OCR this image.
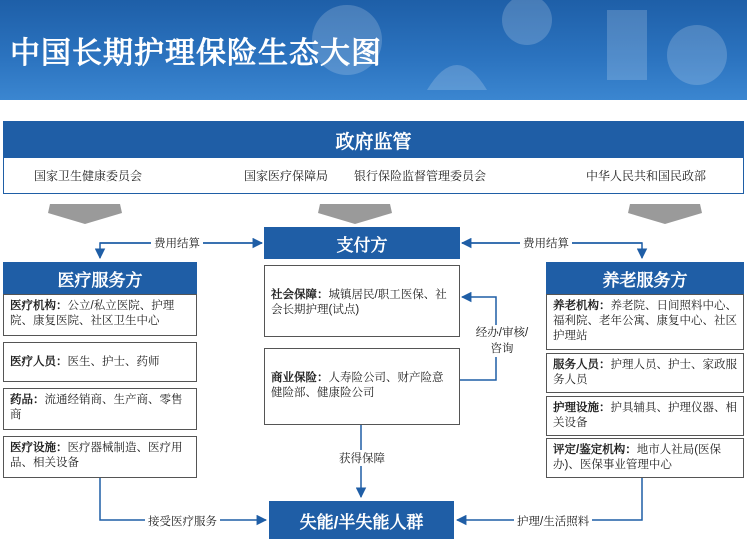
中国长期护理保险生态大图
政府监管
国家卫生健康委员会	国家医疗保障局 银行保险监督管理委员会	中华人民共和国民政部
支付方
社会保障：城镇居民/职工医保、社会长期护理(试点)
商业保险：人寿险公司、财产险意健险部、健康险公司
医疗服务方
医疗机构：公立/私立医院、护理院、康复医院、社区卫生中心
医疗人员：医生、护士、药师
药品：流通经销商、生产商、零售商
医疗设施：医疗器械制造、医疗用品、相关设备
养老服务方
养老机构：养老院、日间照料中心、福利院、老年公寓、康复中心、社区护理站
服务人员：护理人员、护士、家政服务人员
护理设施：护具辅具、护理仪器、相关设备
评定/鉴定机构：地市人社局(医保办)、医保事业管理中心
失能/半失能人群
费用结算	费用结算
经办/审核/咨询
获得保障
接受医疗服务	护理/生活照料
